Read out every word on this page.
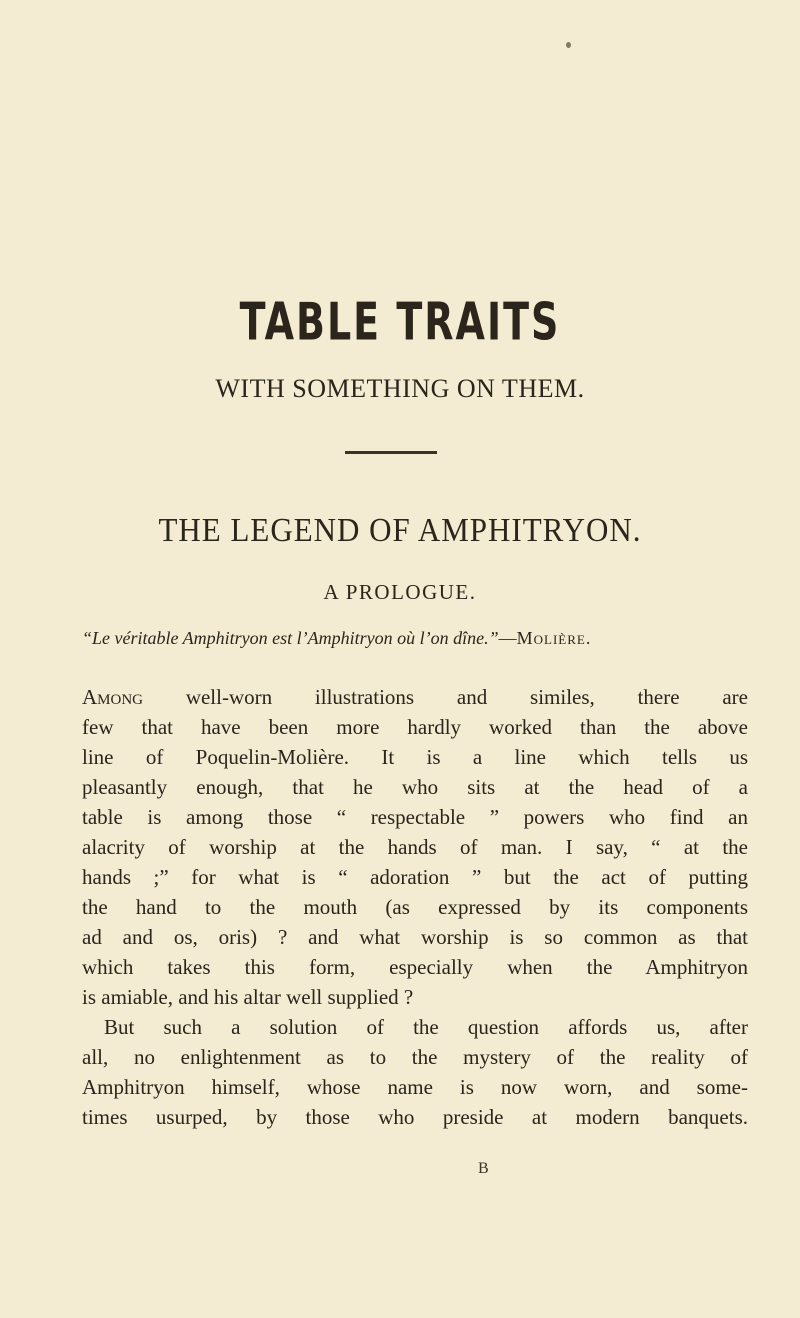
TABLE TRAITS
WITH SOMETHING ON THEM.
THE LEGEND OF AMPHITRYON.
A PROLOGUE.
“Le véritable Amphitryon est l’Amphitryon où l’on dîne.”—Molière.
Among well-worn illustrations and similes, there are
few that have been more hardly worked than the above
line of Poquelin-Molière. It is a line which tells us
pleasantly enough, that he who sits at the head of a
table is among those “ respectable ” powers who find an
alacrity of worship at the hands of man. I say, “ at the
hands ;” for what is “ adoration ” but the act of putting
the hand to the mouth (as expressed by its components
ad and os, oris) ? and what worship is so common as that
which takes this form, especially when the Amphitryon
is amiable, and his altar well supplied ?
But such a solution of the question affords us, after
all, no enlightenment as to the mystery of the reality of
Amphitryon himself, whose name is now worn, and some-
times usurped, by those who preside at modern banquets.
B
